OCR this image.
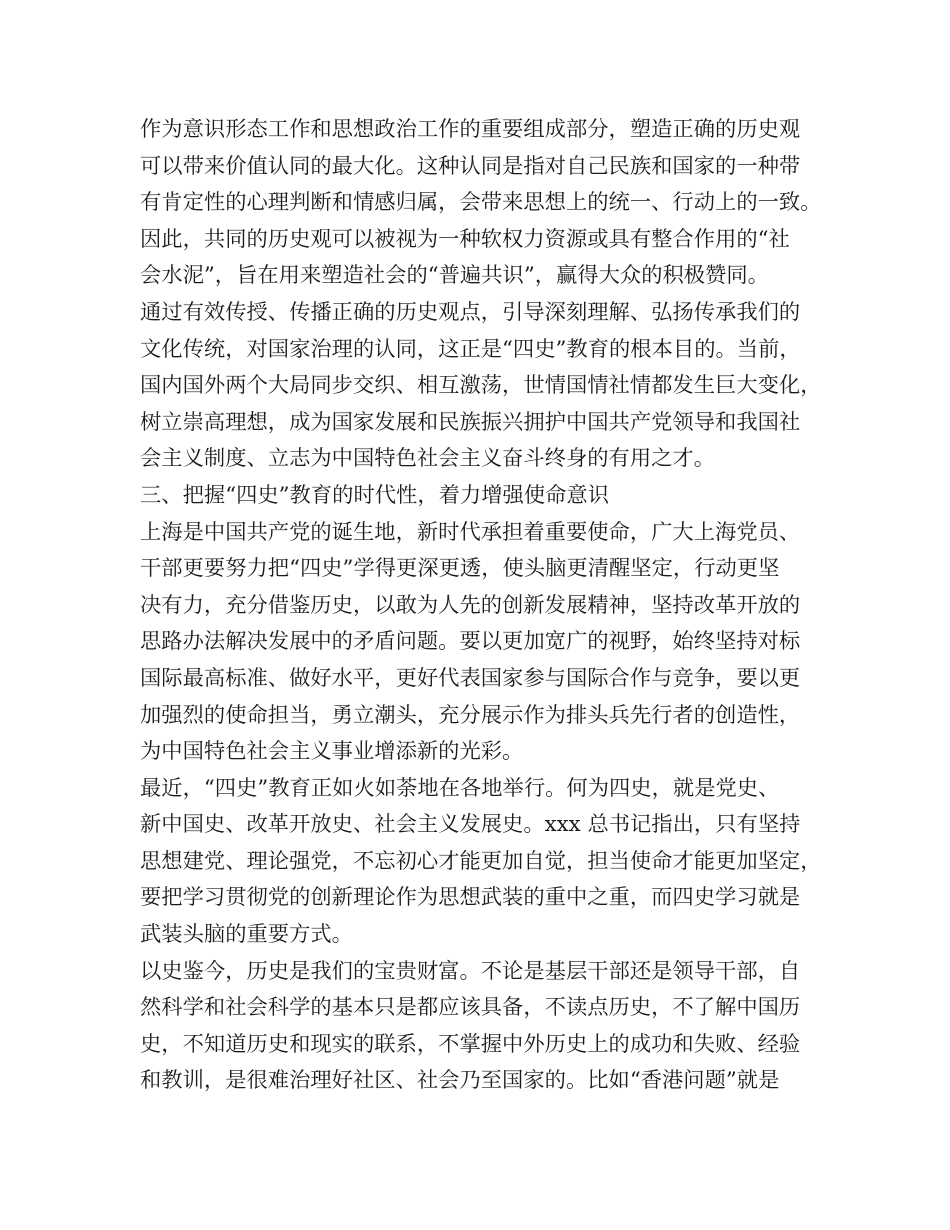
作为意识形态工作和思想政治工作的重要组成部分，塑造正确的历史观
可以带来价值认同的最大化。这种认同是指对自己民族和国家的一种带
有肯定性的心理判断和情感归属，会带来思想上的统一、行动上的一致。
因此，共同的历史观可以被视为一种软权力资源或具有整合作用的“社
会水泥”，旨在用来塑造社会的“普遍共识”，赢得大众的积极赞同。
通过有效传授、传播正确的历史观点，引导深刻理解、弘扬传承我们的
文化传统，对国家治理的认同，这正是“四史”教育的根本目的。当前，
国内国外两个大局同步交织、相互激荡，世情国情社情都发生巨大变化，
树立崇高理想，成为国家发展和民族振兴拥护中国共产党领导和我国社
会主义制度、立志为中国特色社会主义奋斗终身的有用之才。
三、把握“四史”教育的时代性，着力增强使命意识
上海是中国共产党的诞生地，新时代承担着重要使命，广大上海党员、
干部更要努力把“四史”学得更深更透，使头脑更清醒坚定，行动更坚
决有力，充分借鉴历史，以敢为人先的创新发展精神，坚持改革开放的
思路办法解决发展中的矛盾问题。要以更加宽广的视野，始终坚持对标
国际最高标准、做好水平，更好代表国家参与国际合作与竞争，要以更
加强烈的使命担当，勇立潮头，充分展示作为排头兵先行者的创造性，
为中国特色社会主义事业增添新的光彩。
最近，“四史”教育正如火如荼地在各地举行。何为四史，就是党史、
新中国史、改革开放史、社会主义发展史。xxx 总书记指出，只有坚持
思想建党、理论强党，不忘初心才能更加自觉，担当使命才能更加坚定，
要把学习贯彻党的创新理论作为思想武装的重中之重，而四史学习就是
武装头脑的重要方式。
以史鉴今，历史是我们的宝贵财富。不论是基层干部还是领导干部，自
然科学和社会科学的基本只是都应该具备，不读点历史，不了解中国历
史，不知道历史和现实的联系，不掌握中外历史上的成功和失败、经验
和教训，是很难治理好社区、社会乃至国家的。比如“香港问题”就是
